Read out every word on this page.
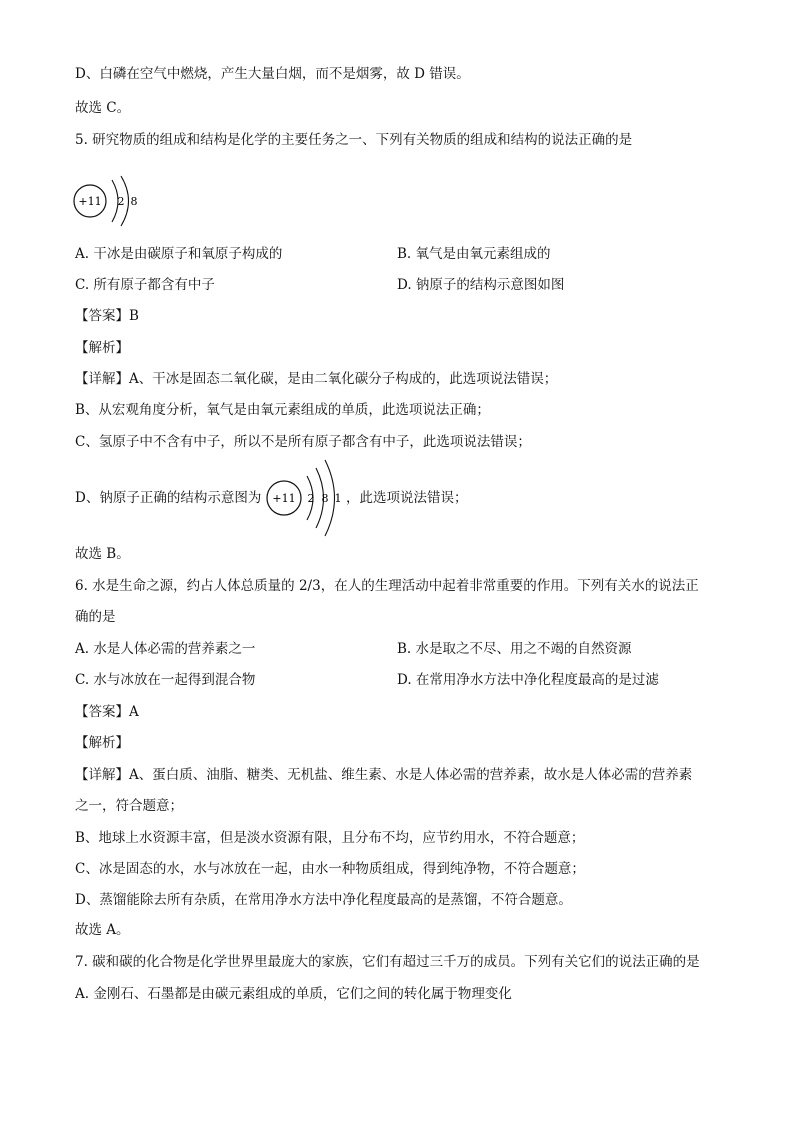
D、白磷在空气中燃烧，产生大量白烟，而不是烟雾，故 D 错误。
故选 C。
5. 研究物质的组成和结构是化学的主要任务之一、下列有关物质的组成和结构的说法正确的是
+11 2 8
A. 干冰是由碳原子和氧原子构成的	B. 氧气是由氧元素组成的
C. 所有原子都含有中子	D. 钠原子的结构示意图如图
【答案】B
【解析】
【详解】A、干冰是固态二氧化碳，是由二氧化碳分子构成的，此选项说法错误；
B、从宏观角度分析，氧气是由氧元素组成的单质，此选项说法正确；
C、氢原子中不含有中子，所以不是所有原子都含有中子，此选项说法错误；
D、钠原子正确的结构示意图为 +11 2 8 1 ，此选项说法错误；
故选 B。
6. 水是生命之源，约占人体总质量的 2/3，在人的生理活动中起着非常重要的作用。下列有关水的说法正
确的是
A. 水是人体必需的营养素之一	B. 水是取之不尽、用之不竭的自然资源
C. 水与冰放在一起得到混合物	D. 在常用净水方法中净化程度最高的是过滤
【答案】A
【解析】
【详解】A、蛋白质、油脂、糖类、无机盐、维生素、水是人体必需的营养素，故水是人体必需的营养素
之一，符合题意；
B、地球上水资源丰富，但是淡水资源有限，且分布不均，应节约用水，不符合题意；
C、冰是固态的水，水与冰放在一起，由水一种物质组成，得到纯净物，不符合题意；
D、蒸馏能除去所有杂质，在常用净水方法中净化程度最高的是蒸馏，不符合题意。
故选 A。
7. 碳和碳的化合物是化学世界里最庞大的家族，它们有超过三千万的成员。下列有关它们的说法正确的是
A. 金刚石、石墨都是由碳元素组成的单质，它们之间的转化属于物理变化
